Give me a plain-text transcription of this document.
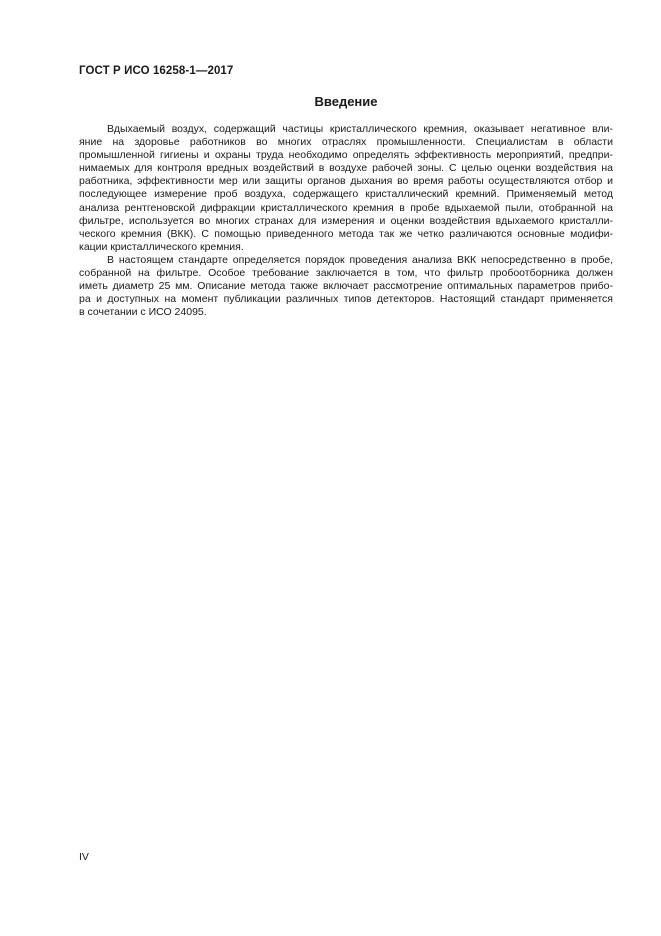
ГОСТ Р ИСО 16258-1—2017
Введение
Вдыхаемый воздух, содержащий частицы кристаллического кремния, оказывает негативное вли-
яние на здоровье работников во многих отраслях промышленности. Специалистам в области
промышленной гигиены и охраны труда необходимо определять эффективность мероприятий, предпри-
нимаемых для контроля вредных воздействий в воздухе рабочей зоны. С целью оценки воздействия на
работника, эффективности мер или защиты органов дыхания во время работы осуществляются отбор и
последующее измерение проб воздуха, содержащего кристаллический кремний. Применяемый метод
анализа рентгеновской дифракции кристаллического кремния в пробе вдыхаемой пыли, отобранной на
фильтре, используется во многих странах для измерения и оценки воздействия вдыхаемого кристалли-
ческого кремния (ВКК). С помощью приведенного метода так же четко различаются основные модифи-
кации кристаллического кремния.
В настоящем стандарте определяется порядок проведения анализа ВКК непосредственно в пробе,
собранной на фильтре. Особое требование заключается в том, что фильтр пробоотборника должен
иметь диаметр 25 мм. Описание метода также включает рассмотрение оптимальных параметров прибо-
ра и доступных на момент публикации различных типов детекторов. Настоящий стандарт применяется
в сочетании с ИСО 24095.
IV
